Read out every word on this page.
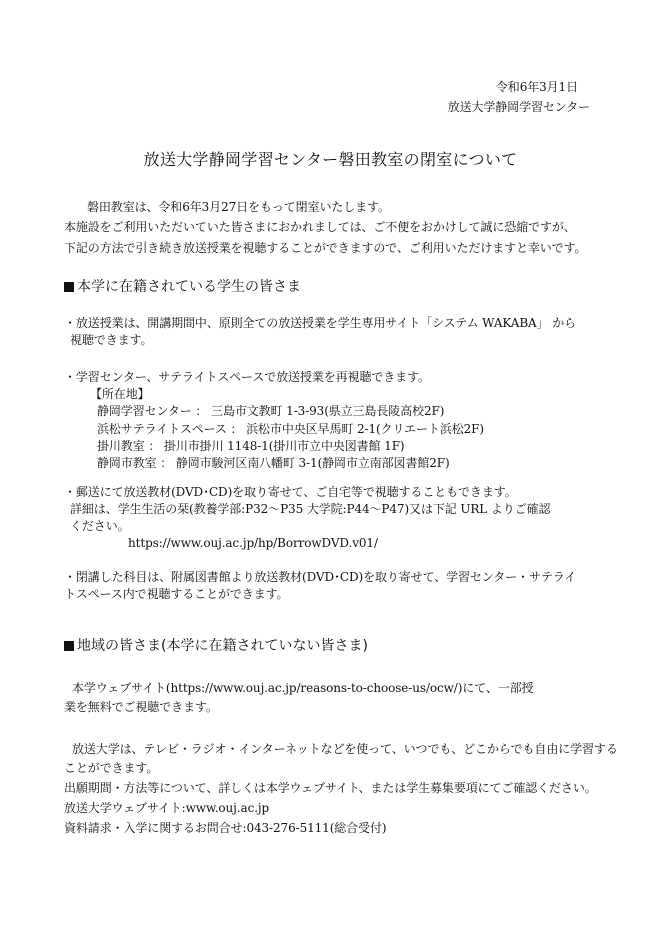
令和6年3月1日
放送大学静岡学習センター
放送大学静岡学習センター磐田教室の閉室について
磐田教室は、令和6年3月27日をもって閉室いたします。
本施設をご利用いただいていた皆さまにおかれましては、ご不便をおかけして誠に恐縮ですが、
下記の方法で引き続き放送授業を視聴することができますので、ご利用いただけますと幸いです。
本学に在籍されている学生の皆さま
・放送授業は、開講期間中、原則全ての放送授業を学生専用サイト「システム WAKABA」 から
視聴できます。
・学習センター、サテライトスペースで放送授業を再視聴できます。
【所在地】
静岡学習センター ： 三島市文教町 1-3-93(県立三島長陵高校2F)
浜松サテライトスペース ： 浜松市中央区早馬町 2-1(クリエート浜松2F)
掛川教室 ： 掛川市掛川 1148-1(掛川市立中央図書館 1F)
静岡市教室 ： 静岡市駿河区南八幡町 3-1(静岡市立南部図書館2F)
・郵送にて放送教材(DVD･CD)を取り寄せて、ご自宅等で視聴することもできます。
詳細は、学生生活の栞(教養学部:P32～P35 大学院:P44～P47)又は下記 URL よりご確認
ください。
https://www.ouj.ac.jp/hp/BorrowDVD.v01/
・閉講した科目は、附属図書館より放送教材(DVD･CD)を取り寄せて、学習センター・サテライ
トスペース内で視聴することができます。
地域の皆さま(本学に在籍されていない皆さま)
本学ウェブサイト(https://www.ouj.ac.jp/reasons-to-choose-us/ocw/)にて、一部授
業を無料でご視聴できます。
放送大学は、テレビ・ラジオ・インターネットなどを使って、いつでも、どこからでも自由に学習する
ことができます。
出願期間・方法等について、詳しくは本学ウェブサイト、または学生募集要項にてご確認ください。
放送大学ウェブサイト:www.ouj.ac.jp
資料請求・入学に関するお問合せ:043-276-5111(総合受付)
